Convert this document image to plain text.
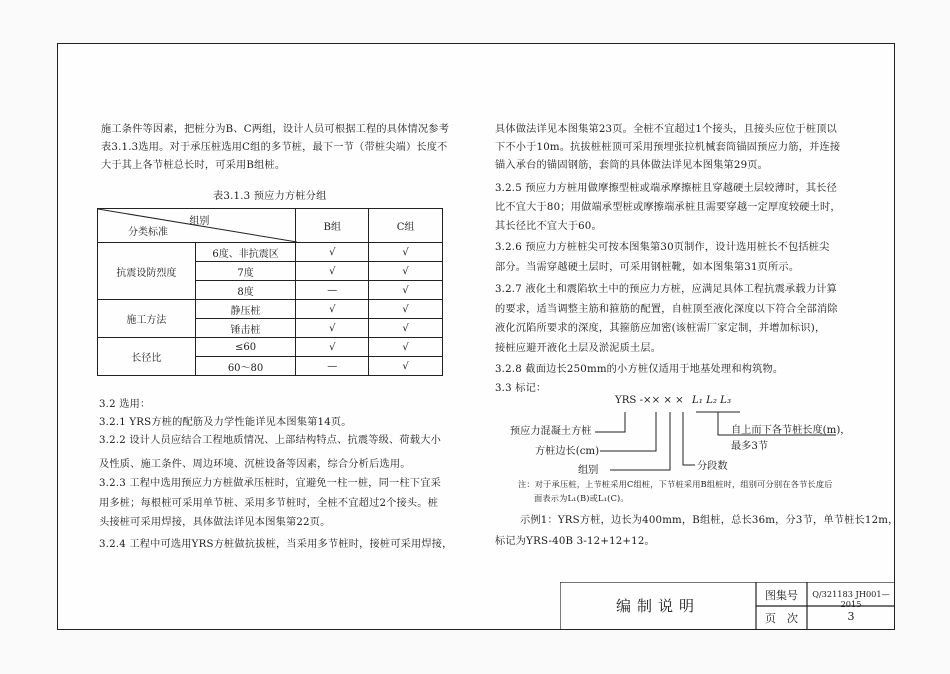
施工条件等因素，把桩分为B、C两组，设计人员可根据工程的具体情况参考
表3.1.3选用。对于承压桩选用C组的多节桩，最下一节（带桩尖端）长度不
大于其上各节桩总长时，可采用B组桩。
表3.1.3 预应力方桩分组
组别
分类标准		B组	C组
抗震设防烈度	6度、非抗震区	√	√
	7度	√	√
	8度	—	√
施工方法	静压桩	√	√
	锤击桩	√	√
长径比	≤60	√	√
	60～80	—	√
3.2 选用：
3.2.1 YRS方桩的配筋及力学性能详见本图集第14页。
3.2.2 设计人员应结合工程地质情况、上部结构特点、抗震等级、荷载大小
及性质、施工条件、周边环境、沉桩设备等因素，综合分析后选用。
3.2.3 工程中选用预应力方桩做承压桩时，宜避免一柱一桩，同一柱下宜采
用多桩；每根桩可采用单节桩、采用多节桩时，全桩不宜超过2个接头。桩
头接桩可采用焊接，具体做法详见本图集第22页。
3.2.4 工程中可选用YRS方桩做抗拔桩，当采用多节桩时，接桩可采用焊接，
具体做法详见本图集第23页。全桩不宜超过1个接头，且接头应位于桩顶以
下不小于10m。抗拔桩桩顶可采用预埋张拉机械套筒锚固预应力筋，并连接
锚入承台的锚固钢筋，套筒的具体做法详见本图集第29页。
3.2.5 预应力方桩用做摩擦型桩或端承摩擦桩且穿越硬土层较薄时，其长径
比不宜大于80；用做端承型桩或摩擦端承桩且需要穿越一定厚度较硬土时，
其长径比不宜大于60。
3.2.6 预应力方桩桩尖可按本图集第30页制作，设计选用桩长不包括桩尖
部分。当需穿越硬土层时，可采用钢桩靴，如本图集第31页所示。
3.2.7 液化土和震陷软土中的预应力方桩，应满足具体工程抗震承载力计算
的要求，适当调整主筋和箍筋的配置，自桩顶至液化深度以下符合全部消除
液化沉陷所要求的深度，其箍筋应加密(该桩需厂家定制，并增加标识)，
接桩应避开液化土层及淤泥质土层。
3.2.8 截面边长250mm的小方桩仅适用于地基处理和构筑物。
3.3 标记：
YRS -×× × × L₁ L₂ L₃
预应力混凝土方桩
方桩边长(cm)
组别	分段数
自上而下各节桩长度(m)，
最多3节
注：对于承压桩，上节桩采用C组桩，下节桩采用B组桩时，组别可分别在各节长度后
面表示为L₁(B)或L₁(C)。
示例1：YRS方桩，边长为400mm，B组桩，总长36m，分3节，单节桩长12m，
标记为YRS-40B 3-12+12+12。
编制说明
图集号	Q/321183 JH001—2015
页　次	3
